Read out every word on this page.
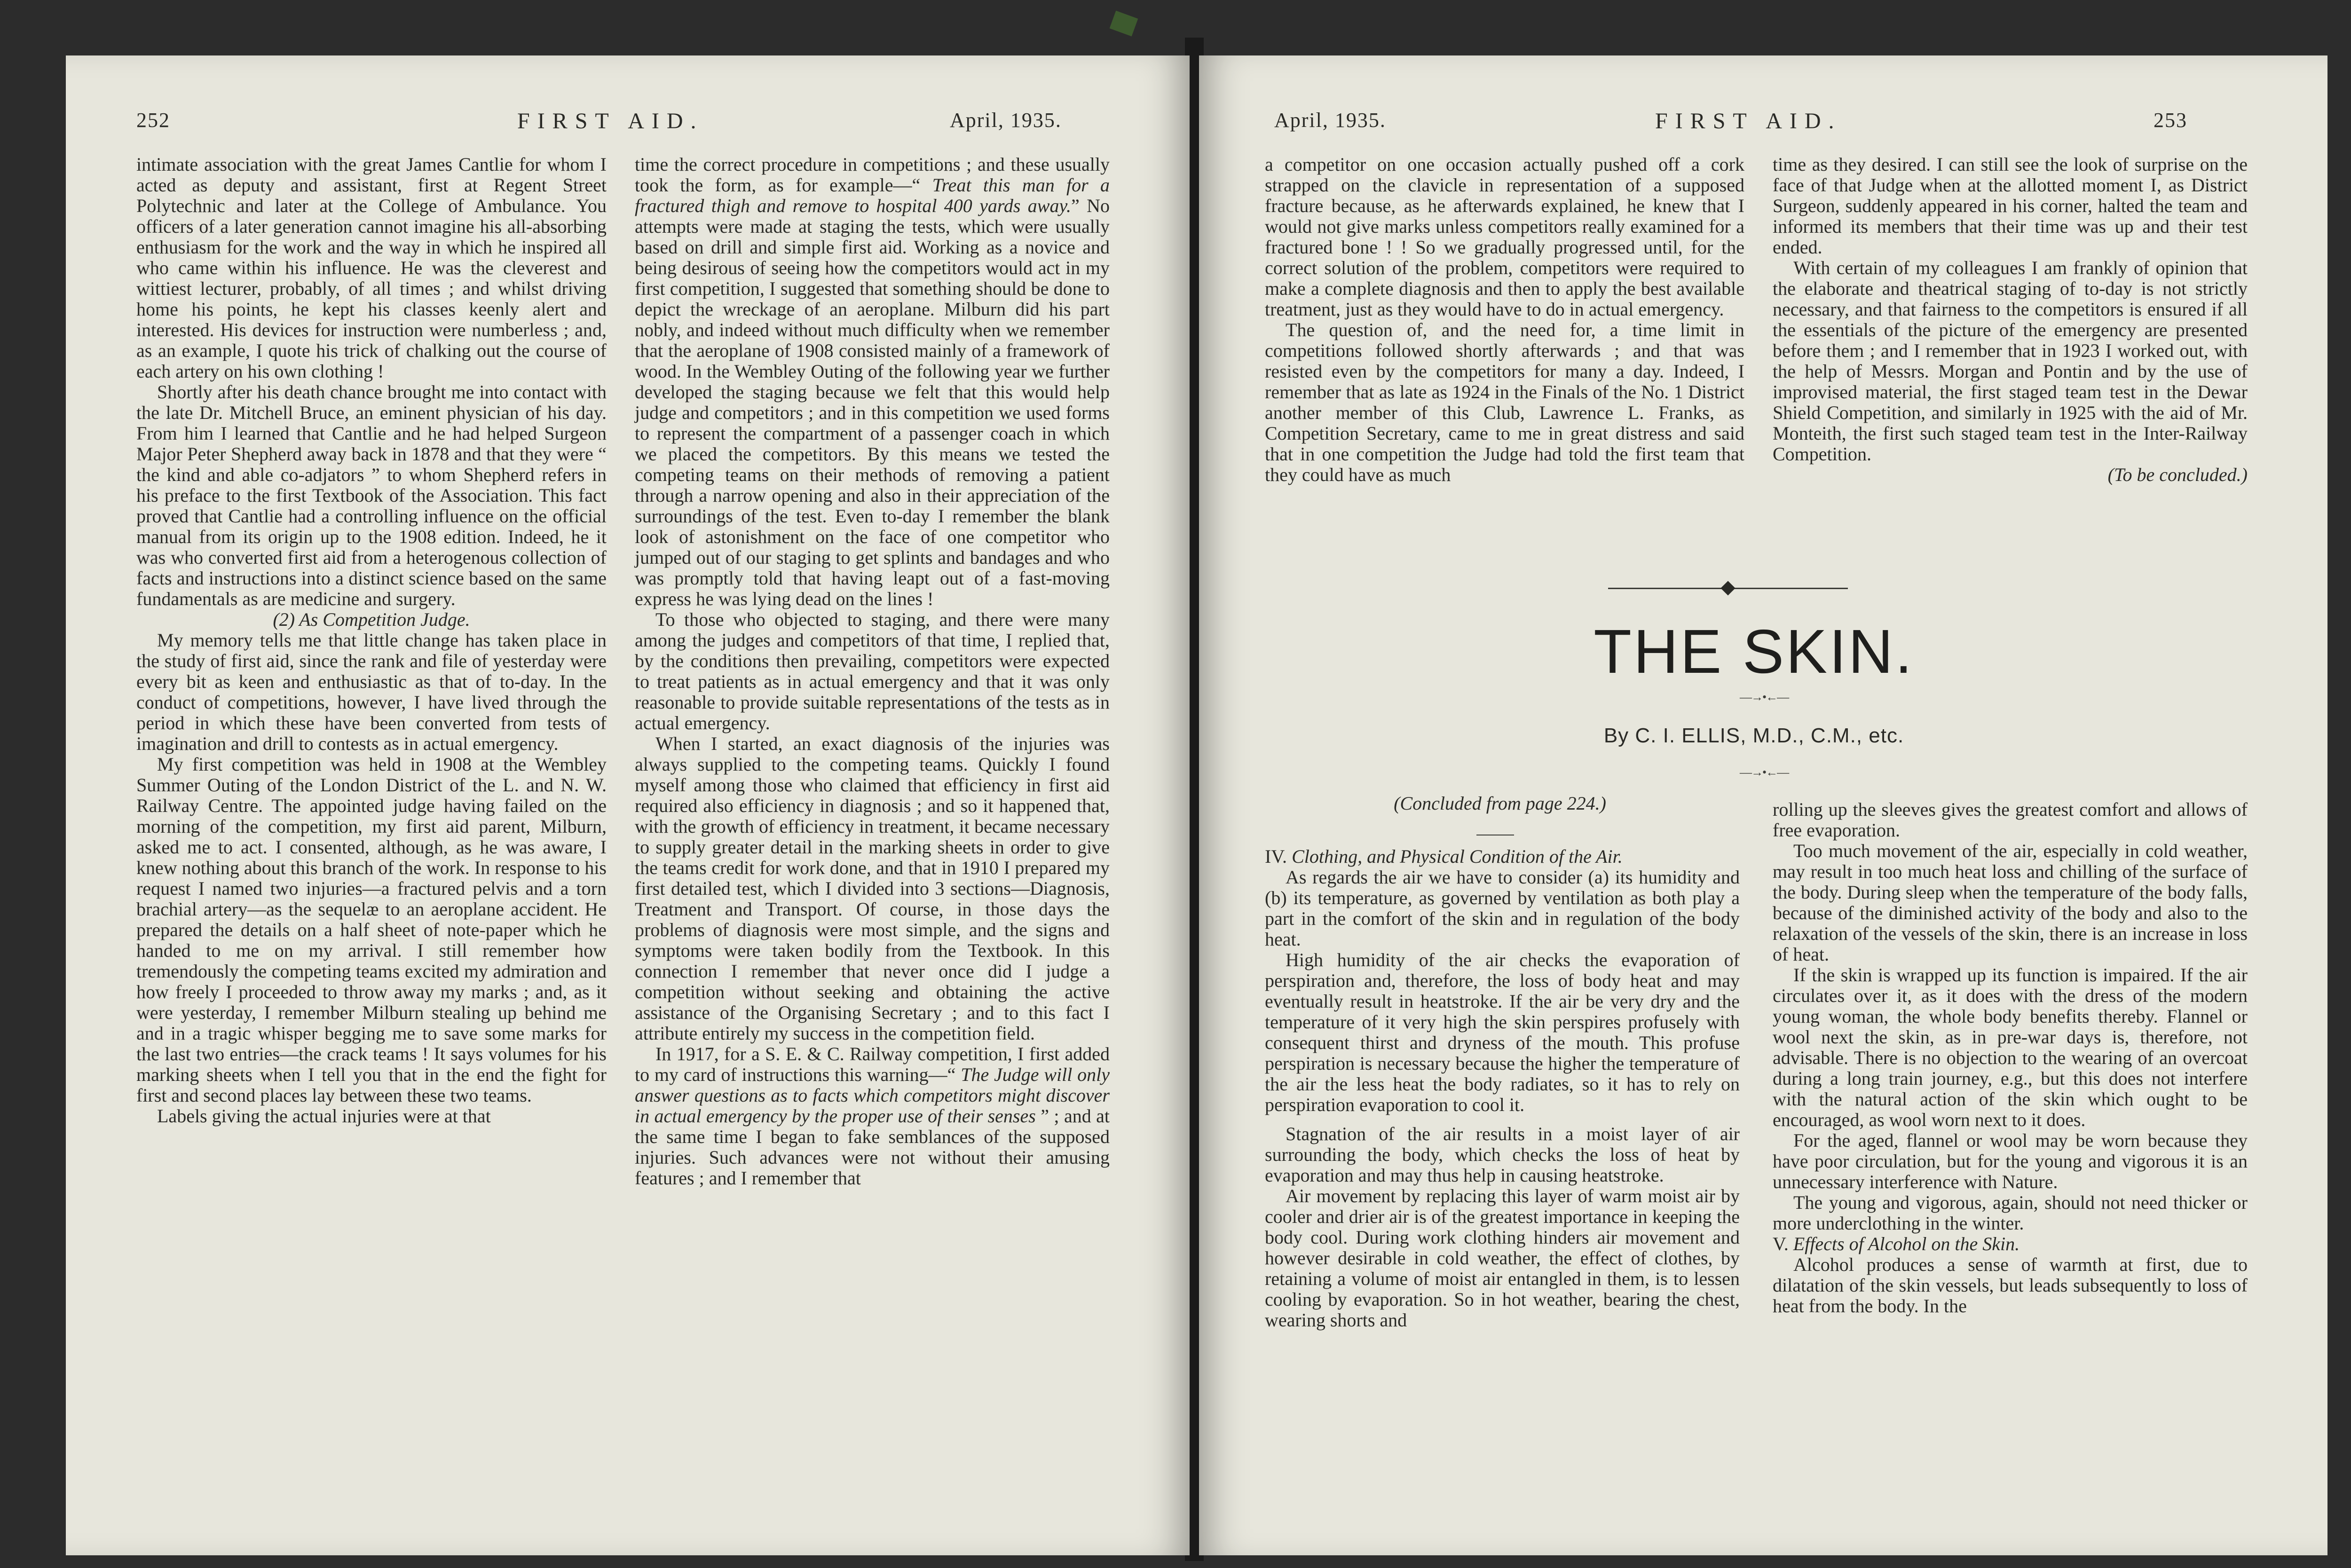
252	FIRST AID.	April, 1935.

intimate association with the great James Cantlie for whom I acted as deputy and assistant, first at Regent Street Polytechnic and later at the College of Ambulance. You officers of a later generation cannot imagine his all-absorbing enthusiasm for the work and the way in which he inspired all who came within his influence. He was the cleverest and wittiest lecturer, probably, of all times ; and whilst driving home his points, he kept his classes keenly alert and interested. His devices for instruction were numberless ; and, as an example, I quote his trick of chalking out the course of each artery on his own clothing !

Shortly after his death chance brought me into contact with the late Dr. Mitchell Bruce, an eminent physician of his day. From him I learned that Cantlie and he had helped Surgeon Major Peter Shepherd away back in 1878 and that they were “ the kind and able co-adjators ” to whom Shepherd refers in his preface to the first Textbook of the Association. This fact proved that Cantlie had a controlling influence on the official manual from its origin up to the 1908 edition. Indeed, he it was who converted first aid from a heterogenous collection of facts and instructions into a distinct science based on the same fundamentals as are medicine and surgery.

(2) As Competition Judge.

My memory tells me that little change has taken place in the study of first aid, since the rank and file of yesterday were every bit as keen and enthusiastic as that of to-day. In the conduct of competitions, however, I have lived through the period in which these have been converted from tests of imagination and drill to contests as in actual emergency.

My first competition was held in 1908 at the Wembley Summer Outing of the London District of the L. and N. W. Railway Centre. The appointed judge having failed on the morning of the competition, my first aid parent, Milburn, asked me to act. I consented, although, as he was aware, I knew nothing about this branch of the work. In response to his request I named two injuries—a fractured pelvis and a torn brachial artery—as the sequelæ to an aeroplane accident. He prepared the details on a half sheet of note-paper which he handed to me on my arrival. I still remember how tremendously the competing teams excited my admiration and how freely I proceeded to throw away my marks ; and, as it were yesterday, I remember Milburn stealing up behind me and in a tragic whisper begging me to save some marks for the last two entries—the crack teams ! It says volumes for his marking sheets when I tell you that in the end the fight for first and second places lay between these two teams.

Labels giving the actual injuries were at that

time the correct procedure in competitions ; and these usually took the form, as for example—“ Treat this man for a fractured thigh and remove to hospital 400 yards away.” No attempts were made at staging the tests, which were usually based on drill and simple first aid. Working as a novice and being desirous of seeing how the competitors would act in my first competition, I suggested that something should be done to depict the wreckage of an aeroplane. Milburn did his part nobly, and indeed without much difficulty when we remember that the aeroplane of 1908 consisted mainly of a framework of wood. In the Wembley Outing of the following year we further developed the staging because we felt that this would help judge and competitors ; and in this competition we used forms to represent the compartment of a passenger coach in which we placed the competitors. By this means we tested the competing teams on their methods of removing a patient through a narrow opening and also in their appreciation of the surroundings of the test. Even to-day I remember the blank look of astonishment on the face of one competitor who jumped out of our staging to get splints and bandages and who was promptly told that having leapt out of a fast-moving express he was lying dead on the lines !

To those who objected to staging, and there were many among the judges and competitors of that time, I replied that, by the conditions then prevailing, competitors were expected to treat patients as in actual emergency and that it was only reasonable to provide suitable representations of the tests as in actual emergency.

When I started, an exact diagnosis of the injuries was always supplied to the competing teams. Quickly I found myself among those who claimed that efficiency in first aid required also efficiency in diagnosis ; and so it happened that, with the growth of efficiency in treatment, it became necessary to supply greater detail in the marking sheets in order to give the teams credit for work done, and that in 1910 I prepared my first detailed test, which I divided into 3 sections—Diagnosis, Treatment and Transport. Of course, in those days the problems of diagnosis were most simple, and the signs and symptoms were taken bodily from the Textbook. In this connection I remember that never once did I judge a competition without seeking and obtaining the active assistance of the Organising Secretary ; and to this fact I attribute entirely my success in the competition field.

In 1917, for a S. E. & C. Railway competition, I first added to my card of instructions this warning—“ The Judge will only answer questions as to facts which competitors might discover in actual emergency by the proper use of their senses ” ; and at the same time I began to fake semblances of the supposed injuries. Such advances were not without their amusing features ; and I remember that

April, 1935.	FIRST AID.	253

a competitor on one occasion actually pushed off a cork strapped on the clavicle in representation of a supposed fracture because, as he afterwards explained, he knew that I would not give marks unless competitors really examined for a fractured bone ! ! So we gradually progressed until, for the correct solution of the problem, competitors were required to make a complete diagnosis and then to apply the best available treatment, just as they would have to do in actual emergency.

The question of, and the need for, a time limit in competitions followed shortly afterwards ; and that was resisted even by the competitors for many a day. Indeed, I remember that as late as 1924 in the Finals of the No. 1 District another member of this Club, Lawrence L. Franks, as Competition Secretary, came to me in great distress and said that in one competition the Judge had told the first team that they could have as much

time as they desired. I can still see the look of surprise on the face of that Judge when at the allotted moment I, as District Surgeon, suddenly appeared in his corner, halted the team and informed its members that their time was up and their test ended.

With certain of my colleagues I am frankly of opinion that the elaborate and theatrical staging of to-day is not strictly necessary, and that fairness to the competitors is ensured if all the essentials of the picture of the emergency are presented before them ; and I remember that in 1923 I worked out, with the help of Messrs. Morgan and Pontin and by the use of improvised material, the first staged team test in the Dewar Shield Competition, and similarly in 1925 with the aid of Mr. Monteith, the first such staged team test in the Inter-Railway Competition.

(To be concluded.)

THE SKIN.
—→•←—
By C. I. ELLIS, M.D., C.M., etc.
—→•←—
(Concluded from page 224.)

IV. Clothing, and Physical Condition of the Air.

As regards the air we have to consider (a) its humidity and (b) its temperature, as governed by ventilation as both play a part in the comfort of the skin and in regulation of the body heat.

High humidity of the air checks the evaporation of perspiration and, therefore, the loss of body heat and may eventually result in heatstroke. If the air be very dry and the temperature of it very high the skin perspires profusely with consequent thirst and dryness of the mouth. This profuse perspiration is necessary because the higher the temperature of the air the less heat the body radiates, so it has to rely on perspiration evaporation to cool it.

Stagnation of the air results in a moist layer of air surrounding the body, which checks the loss of heat by evaporation and may thus help in causing heatstroke.

Air movement by replacing this layer of warm moist air by cooler and drier air is of the greatest importance in keeping the body cool. During work clothing hinders air movement and however desirable in cold weather, the effect of clothes, by retaining a volume of moist air entangled in them, is to lessen cooling by evaporation. So in hot weather, bearing the chest, wearing shorts and

rolling up the sleeves gives the greatest comfort and allows of free evaporation.

Too much movement of the air, especially in cold weather, may result in too much heat loss and chilling of the surface of the body. During sleep when the temperature of the body falls, because of the diminished activity of the body and also to the relaxation of the vessels of the skin, there is an increase in loss of heat.

If the skin is wrapped up its function is impaired. If the air circulates over it, as it does with the dress of the modern young woman, the whole body benefits thereby. Flannel or wool next the skin, as in pre-war days is, therefore, not advisable. There is no objection to the wearing of an overcoat during a long train journey, e.g., but this does not interfere with the natural action of the skin which ought to be encouraged, as wool worn next to it does.

For the aged, flannel or wool may be worn because they have poor circulation, but for the young and vigorous it is an unnecessary interference with Nature.

The young and vigorous, again, should not need thicker or more underclothing in the winter.

V. Effects of Alcohol on the Skin.

Alcohol produces a sense of warmth at first, due to dilatation of the skin vessels, but leads subsequently to loss of heat from the body. In the
